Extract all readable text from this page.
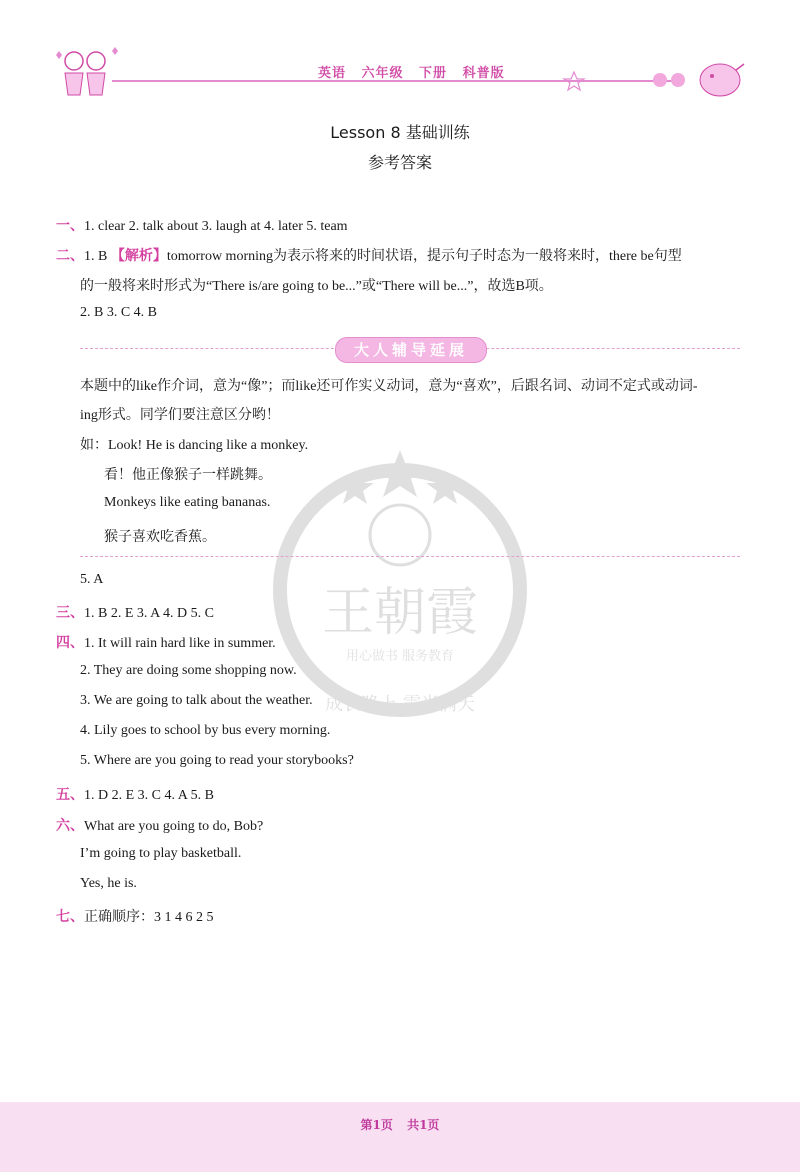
英语 六年级 下册 科普版
Lesson 8 基础训练
参考答案
一、1. clear 2. talk about 3. laugh at 4. later 5. team
二、1. B 【解析】tomorrow morning为表示将来的时间状语，提示句子时态为一般将来时，there be句型
的一般将来时形式为“There is/are going to be...”或“There will be...”，故选B项。
2. B 3. C 4. B
大人辅导延展
王朝霞
用心做书 服务教育
成长路上 霞光满天
本题中的like作介词，意为“像”；而like还可作实义动词，意为“喜欢”，后跟名词、动词不定式或动词-
ing形式。同学们要注意区分哟！
如：Look! He is dancing like a monkey.
看！他正像猴子一样跳舞。
Monkeys like eating bananas.
猴子喜欢吃香蕉。
5. A
三、1. B 2. E 3. A 4. D 5. C
四、1. It will rain hard like in summer.
2. They are doing some shopping now.
3. We are going to talk about the weather.
4. Lily goes to school by bus every morning.
5. Where are you going to read your storybooks?
五、1. D 2. E 3. C 4. A 5. B
六、What are you going to do, Bob?
I’m going to play basketball.
Yes, he is.
七、正确顺序：3 1 4 6 2 5
第1页 共1页
